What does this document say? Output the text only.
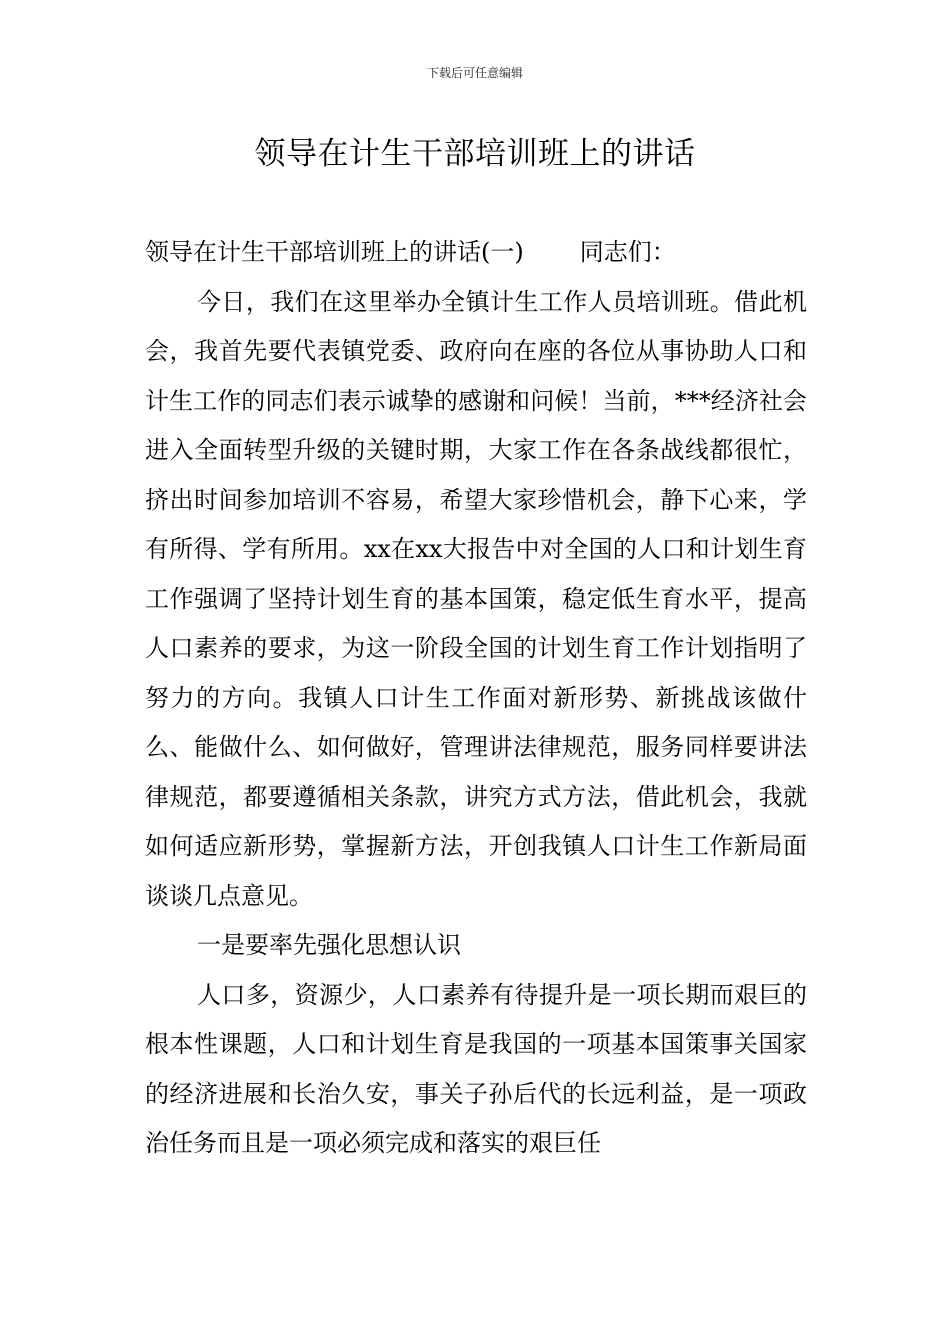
下载后可任意编辑
领导在计生干部培训班上的讲话

领导在计生干部培训班上的讲话(一) 同志们：

今日，我们在这里举办全镇计生工作人员培训班。借此机会，我首先要代表镇党委、政府向在座的各位从事协助人口和计生工作的同志们表示诚挚的感谢和问候！当前，***经济社会进入全面转型升级的关键时期，大家工作在各条战线都很忙，挤出时间参加培训不容易，希望大家珍惜机会，静下心来，学有所得、学有所用。xx在xx大报告中对全国的人口和计划生育工作强调了坚持计划生育的基本国策，稳定低生育水平，提高人口素养的要求，为这一阶段全国的计划生育工作计划指明了努力的方向。我镇人口计生工作面对新形势、新挑战该做什么、能做什么、如何做好，管理讲法律规范，服务同样要讲法律规范，都要遵循相关条款，讲究方式方法，借此机会，我就如何适应新形势，掌握新方法，开创我镇人口计生工作新局面谈谈几点意见。

一是要率先强化思想认识

人口多，资源少，人口素养有待提升是一项长期而艰巨的根本性课题，人口和计划生育是我国的一项基本国策事关国家的经济进展和长治久安，事关子孙后代的长远利益，是一项政治任务而且是一项必须完成和落实的艰巨任
